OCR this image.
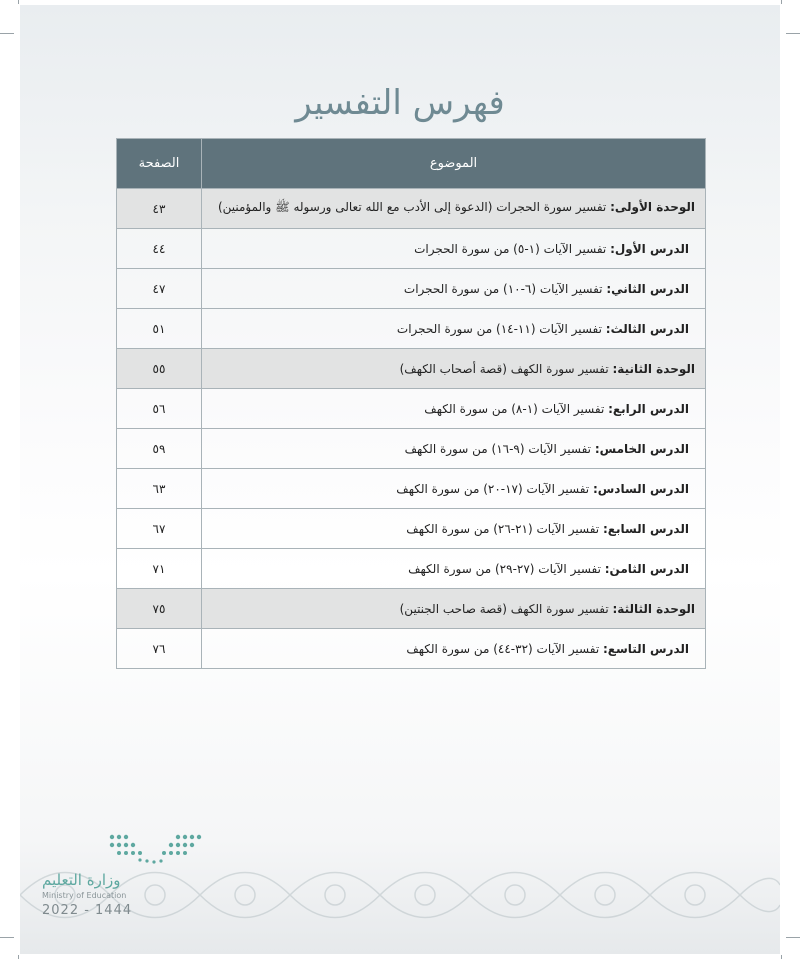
فهرس التفسير
الموضوع	الصفحة
الوحدة الأولى: تفسير سورة الحجرات (الدعوة إلى الأدب مع الله تعالى ورسوله ﷺ والمؤمنين)	٤٣
الدرس الأول: تفسير الآيات (١-٥) من سورة الحجرات	٤٤
الدرس الثاني: تفسير الآيات (٦-١٠) من سورة الحجرات	٤٧
الدرس الثالث: تفسير الآيات (١١-١٤) من سورة الحجرات	٥١
الوحدة الثانية: تفسير سورة الكهف (قصة أصحاب الكهف)	٥٥
الدرس الرابع: تفسير الآيات (١-٨) من سورة الكهف	٥٦
الدرس الخامس: تفسير الآيات (٩-١٦) من سورة الكهف	٥٩
الدرس السادس: تفسير الآيات (١٧-٢٠) من سورة الكهف	٦٣
الدرس السابع: تفسير الآيات (٢١-٢٦) من سورة الكهف	٦٧
الدرس الثامن: تفسير الآيات (٢٧-٢٩) من سورة الكهف	٧١
الوحدة الثالثة: تفسير سورة الكهف (قصة صاحب الجنتين)	٧٥
الدرس التاسع: تفسير الآيات (٣٢-٤٤) من سورة الكهف	٧٦
وزارة التعليم
Ministry of Education
2022 - 1444
